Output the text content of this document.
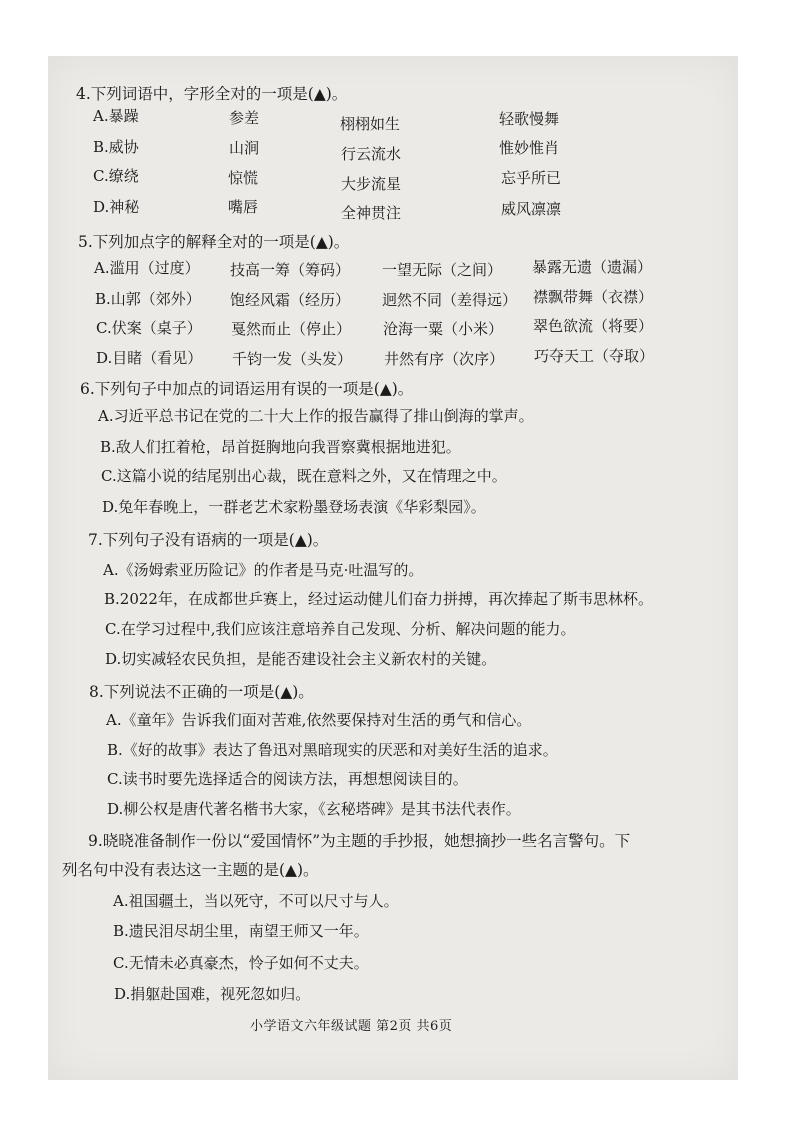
4.下列词语中，字形全对的一项是(▲)。
A.暴躁	参差	栩栩如生	轻歌慢舞
B.威协	山涧	行云流水	惟妙惟肖
C.缭绕	惊慌	大步流星	忘乎所已
D.神秘	嘴唇	全神贯注	威风凛凛
5.下列加点字的解释全对的一项是(▲)。
A.滥用（过度） 技高一筹（筹码） 一望无际（之间） 暴露无遗（遗漏）
B.山郭（郊外） 饱经风霜（经历） 迥然不同（差得远） 襟飘带舞（衣襟）
C.伏案（桌子） 戛然而止（停止） 沧海一粟（小米） 翠色欲流（将要）
D.目睹（看见） 千钧一发（头发） 井然有序（次序） 巧夺天工（夺取）
6.下列句子中加点的词语运用有误的一项是(▲)。
A.习近平总书记在党的二十大上作的报告赢得了排山倒海的掌声。
B.敌人们扛着枪，昂首挺胸地向我晋察冀根据地进犯。
C.这篇小说的结尾别出心裁，既在意料之外，又在情理之中。
D.兔年春晚上，一群老艺术家粉墨登场表演《华彩梨园》。
7.下列句子没有语病的一项是(▲)。
A.《汤姆索亚历险记》的作者是马克·吐温写的。
B.2022年，在成都世乒赛上，经过运动健儿们奋力拼搏，再次捧起了斯韦思林杯。
C.在学习过程中,我们应该注意培养自己发现、分析、解决问题的能力。
D.切实减轻农民负担，是能否建设社会主义新农村的关键。
8.下列说法不正确的一项是(▲)。
A.《童年》告诉我们面对苦难,依然要保持对生活的勇气和信心。
B.《好的故事》表达了鲁迅对黑暗现实的厌恶和对美好生活的追求。
C.读书时要先选择适合的阅读方法，再想想阅读目的。
D.柳公权是唐代著名楷书大家，《玄秘塔碑》是其书法代表作。
9.晓晓准备制作一份以“爱国情怀”为主题的手抄报，她想摘抄一些名言警句。下
列名句中没有表达这一主题的是(▲)。
A.祖国疆土，当以死守，不可以尺寸与人。
B.遗民泪尽胡尘里，南望王师又一年。
C.无情未必真豪杰，怜子如何不丈夫。
D.捐躯赴国难，视死忽如归。
小学语文六年级试题 第2页 共6页
